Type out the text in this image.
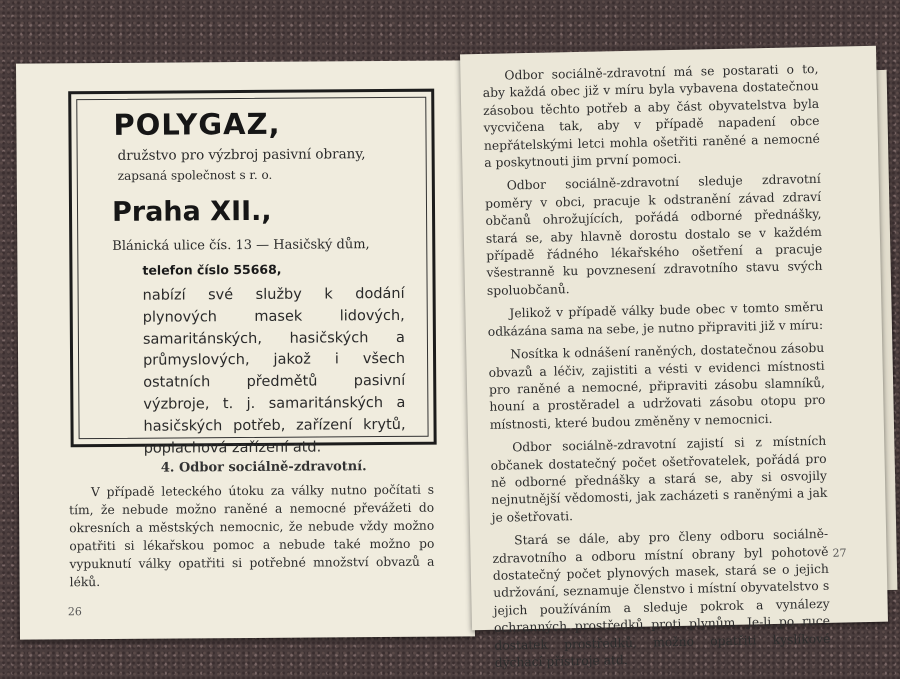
POLYGAZ,
družstvo pro výzbroj pasivní obrany,
zapsaná společnost s r. o.
Praha XII.,
Blánická ulice čís. 13 — Hasičský dům,
telefon číslo 55668,
nabízí své služby k dodání plynových masek lidových, samaritánských, hasičských a průmyslových, jakož i všech ostatních předmětů pasivní výzbroje, t. j. samaritánských a hasičských potřeb, zařízení krytů, poplachová zařízení atd.
4. Odbor sociálně-zdravotní.

V případě leteckého útoku za války nutno počítati s tím, že nebude možno raněné a nemocné převážeti do okresních a městských nemocnic, že nebude vždy možno opatřiti si lékařskou pomoc a nebude také možno po vypuknutí války opatřiti si potřebné množství obvazů a léků.

26

Odbor sociálně-zdravotní má se postarati o to, aby každá obec již v míru byla vybavena dostatečnou zásobou těchto potřeb a aby část obyvatelstva byla vycvičena tak, aby v případě napadení obce nepřátelskými letci mohla ošetřiti raněné a nemocné a poskytnouti jim první pomoci.

Odbor sociálně-zdravotní sleduje zdravotní poměry v obci, pracuje k odstranění závad zdraví občanů ohrožujících, pořádá odborné přednášky, stará se, aby hlavně dorostu dostalo se v každém případě řádného lékařského ošetření a pracuje všestranně ku povznesení zdravotního stavu svých spoluobčanů.

Jelikož v případě války bude obec v tomto směru odkázána sama na sebe, je nutno připraviti již v míru:

Nosítka k odnášení raněných, dostatečnou zásobu obvazů a léčiv, zajistiti a vésti v evidenci místnosti pro raněné a nemocné, připraviti zásobu slamníků, houní a prostěradel a udržovati zásobu otopu pro místnosti, které budou změněny v nemocnici.

Odbor sociálně-zdravotní zajistí si z místních občanek dostatečný počet ošetřovatelek, pořádá pro ně odborné přednášky a stará se, aby si osvojily nejnutnější vědomosti, jak zacházeti s raněnými a jak je ošetřovati.

Stará se dále, aby pro členy odboru sociálně-zdravotního a odboru místní obrany byl pohotově dostatečný počet plynových masek, stará se o jejich udržování, seznamuje členstvo i místní obyvatelstvo s jejich používáním a sleduje pokrok a vynálezy ochranných prostředků proti plynům. Je-li po ruce dostatek prostředků, možno opatřiti kyslíkové dýchací přístroje atd.

27
